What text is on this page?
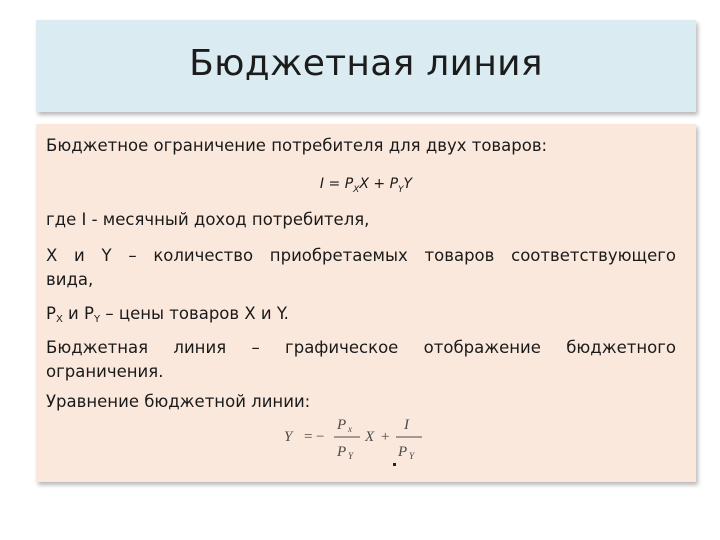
Бюджетная линия

Бюджетное ограничение потребителя для двух товаров:

$I = P_XX + P_YY$

где I - месячный доход потребителя,

X и Y – количество приобретаемых товаров соответствующего

вида,

PX и PY – цены товаров X и Y.

Бюджетная линия – графическое отображение бюджетного

ограничения.

Уравнение бюджетной линии:

Y = −
P x
P Y
X +
I
P Y
